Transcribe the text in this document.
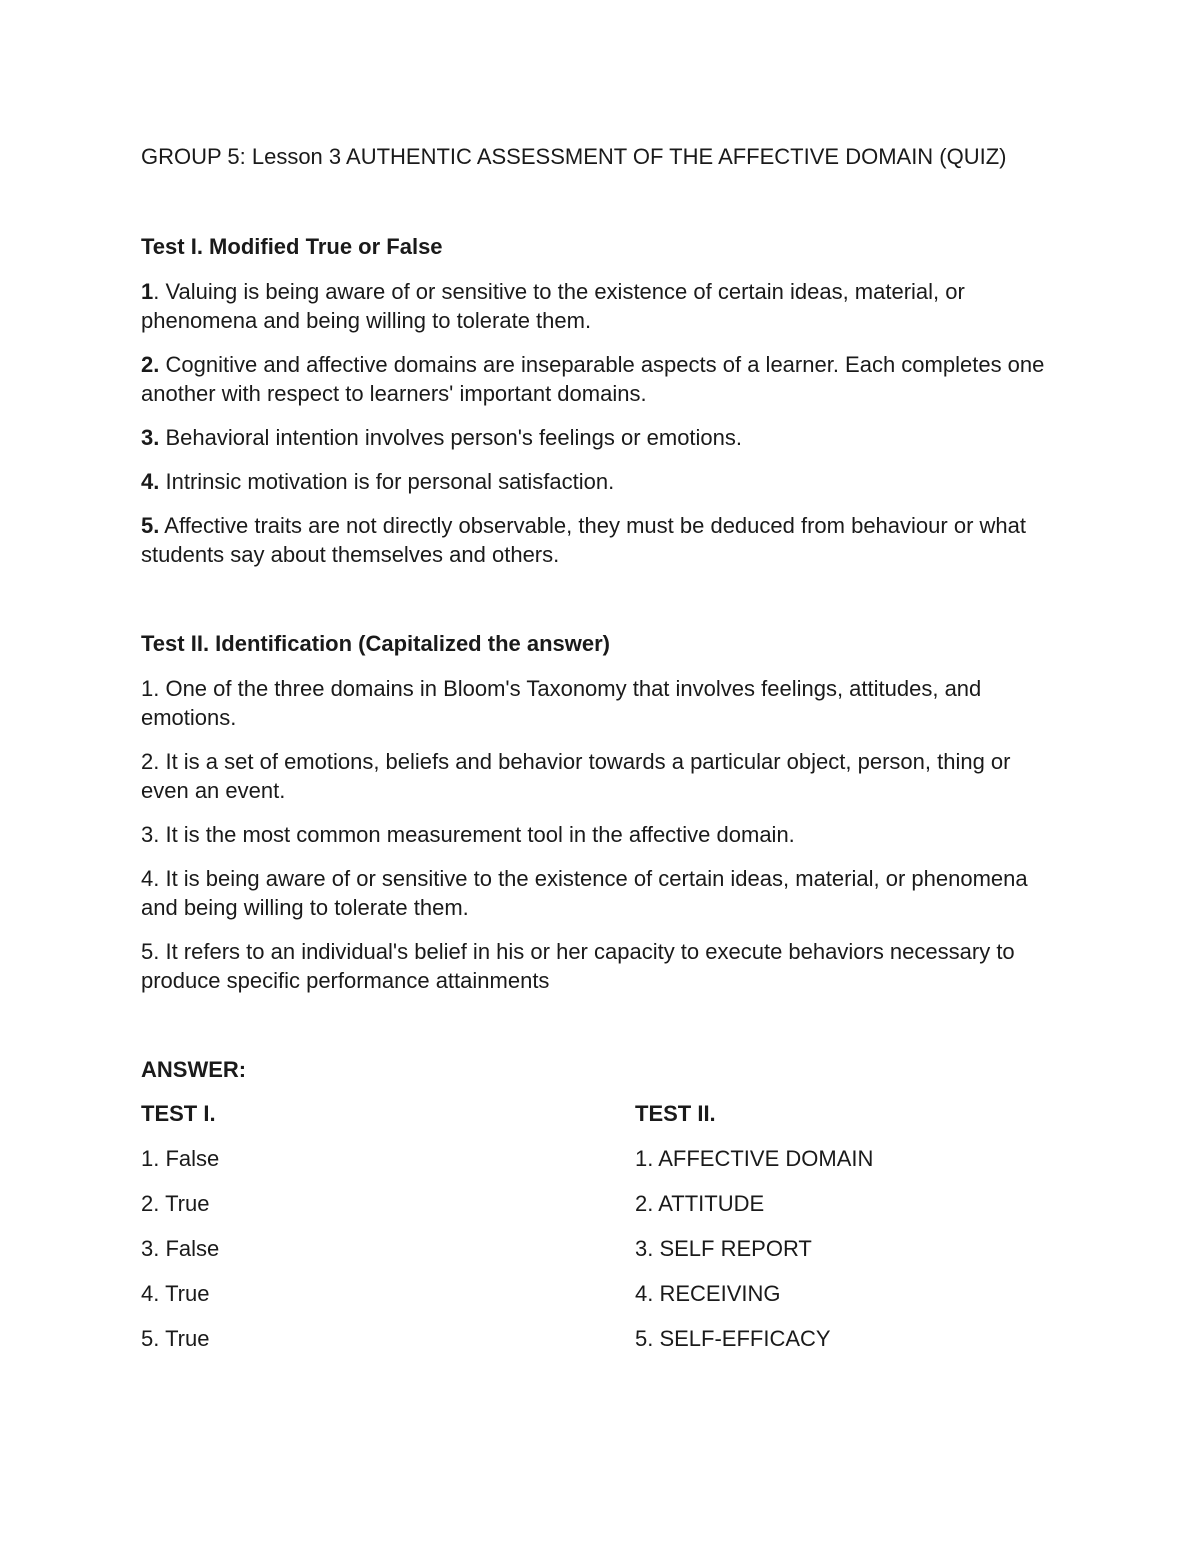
GROUP 5: Lesson 3 AUTHENTIC ASSESSMENT OF THE AFFECTIVE DOMAIN (QUIZ)

Test I. Modified True or False

1. Valuing is being aware of or sensitive to the existence of certain ideas, material, or phenomena and being willing to tolerate them.

2. Cognitive and affective domains are inseparable aspects of a learner. Each completes one another with respect to learners' important domains.

3. Behavioral intention involves person's feelings or emotions.

4. Intrinsic motivation is for personal satisfaction.

5. Affective traits are not directly observable, they must be deduced from behaviour or what students say about themselves and others.

Test II. Identification (Capitalized the answer)

1. One of the three domains in Bloom's Taxonomy that involves feelings, attitudes, and emotions.

2. It is a set of emotions, beliefs and behavior towards a particular object, person, thing or even an event.

3. It is the most common measurement tool in the affective domain.

4. It is being aware of or sensitive to the existence of certain ideas, material, or phenomena and being willing to tolerate them.

5. It refers to an individual's belief in his or her capacity to execute behaviors necessary to produce specific performance attainments

ANSWER:

TEST I.

1. False

2. True

3. False

4. True

5. True

TEST II.

1. AFFECTIVE DOMAIN

2. ATTITUDE

3. SELF REPORT

4. RECEIVING

5. SELF-EFFICACY
